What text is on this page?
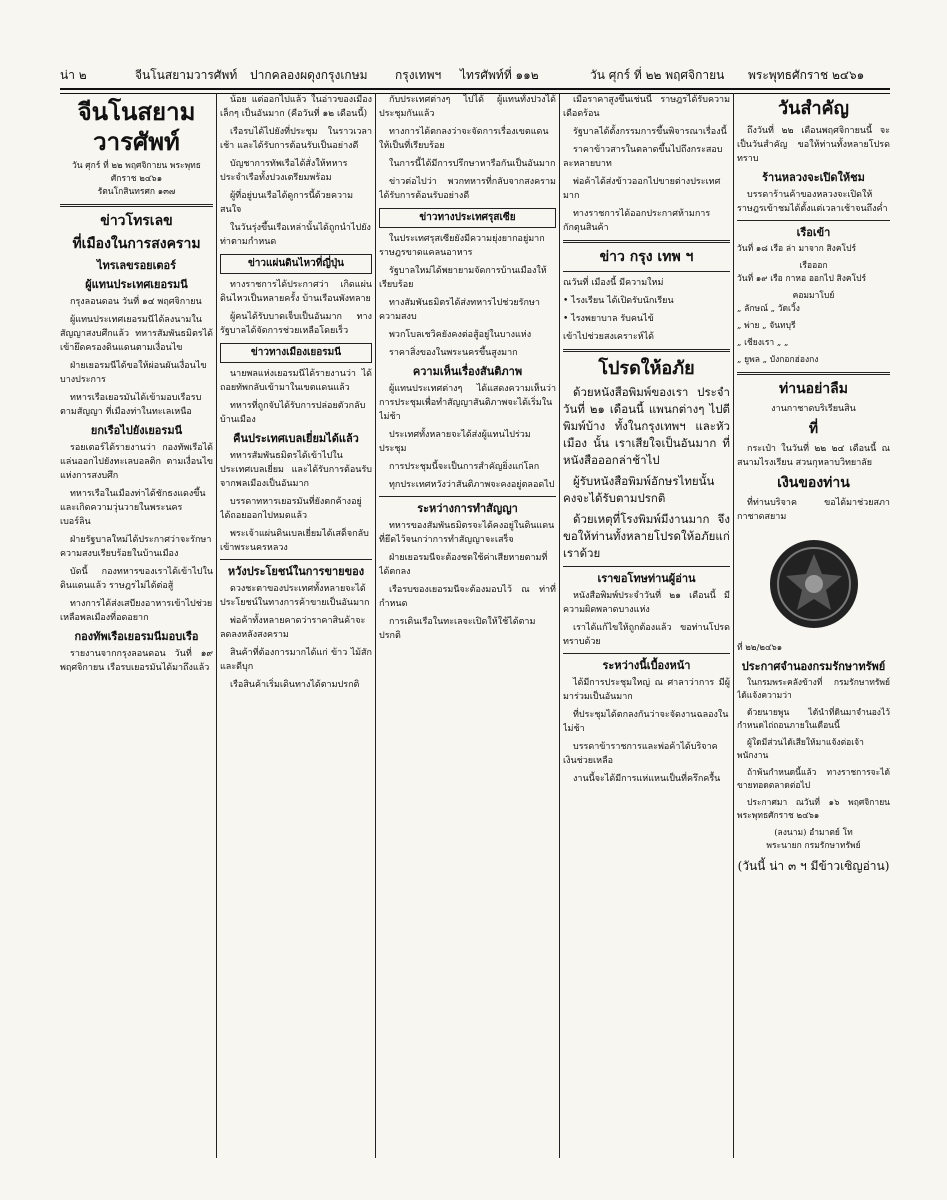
น่า ๒	จีนโนสยามวารศัพท์ ปากคลองผดุงกรุงเกษม กรุงเทพฯ ไทรศัพท์ที่ ๑๑๒	วัน ศุกร์ ที่ ๒๒ พฤศจิกายน พระพุทธศักราช ๒๔๖๑
จีนโนสยามวารศัพท์
วัน ศุกร์ ที่ ๒๒ พฤศจิกายน พระพุทธศักราช ๒๔๖๑
รัตนโกสินทรศก ๑๓๗
ข่าวโทรเลข
ที่เมืองในการสงคราม
ไทรเลขรอยเตอร์
ผู้แทนประเทศเยอรมนี

กรุงลอนดอน วันที่ ๑๔ พฤศจิกายน

ผู้แทนประเทศเยอรมนีได้ลงนามในสัญญาสงบศึกแล้ว ทหารสัมพันธมิตรได้เข้ายึดครองดินแดนตามเงื่อนไข

ฝ่ายเยอรมนีได้ขอให้ผ่อนผันเงื่อนไขบางประการ

ทหารเรือเยอรมันได้เข้ามอบเรือรบตามสัญญา ที่เมืองท่าในทะเลเหนือ

ยกเรือไปยังเยอรมนี

รอยเตอร์ได้รายงานว่า กองทัพเรือได้แล่นออกไปยังทะเลบอลติก ตามเงื่อนไขแห่งการสงบศึก

ทหารเรือในเมืองท่าได้ชักธงแดงขึ้น และเกิดความวุ่นวายในพระนครเบอร์ลิน

ฝ่ายรัฐบาลใหม่ได้ประกาศว่าจะรักษาความสงบเรียบร้อยในบ้านเมือง

บัดนี้ กองทหารของเราได้เข้าไปในดินแดนแล้ว ราษฎรไม่ได้ต่อสู้

ทางการได้ส่งเสบียงอาหารเข้าไปช่วยเหลือพลเมืองที่อดอยาก

กองทัพเรือเยอรมนีมอบเรือ

รายงานจากกรุงลอนดอน วันที่ ๑๙ พฤศจิกายน เรือรบเยอรมันได้มาถึงแล้ว

น้อย แต่ออกไปแล้ว ในอ่าวของเมืองเล็กๆ เป็นอันมาก (คือวันที่ ๑๒ เดือนนี้)

เรือรบได้ไปยังที่ประชุม ในราวเวลาเช้า และได้รับการต้อนรับเป็นอย่างดี

บัญชาการทัพเรือได้สั่งให้ทหารประจำเรือทั้งปวงเตรียมพร้อม

ผู้ที่อยู่บนเรือได้ดูการนี้ด้วยความสนใจ

ในวันรุ่งขึ้นเรือเหล่านั้นได้ถูกนำไปยังท่าตามกำหนด

ข่าวแผ่นดินไหวที่ญี่ปุ่น

ทางราชการได้ประกาศว่า เกิดแผ่นดินไหวเป็นหลายครั้ง บ้านเรือนพังทลาย

ผู้คนได้รับบาดเจ็บเป็นอันมาก ทางรัฐบาลได้จัดการช่วยเหลือโดยเร็ว

ข่าวทางเมืองเยอรมนี

นายพลแห่งเยอรมนีได้รายงานว่า ได้ถอยทัพกลับเข้ามาในเขตแดนแล้ว

ทหารที่ถูกจับได้รับการปล่อยตัวกลับบ้านเมือง

คืนประเทศเบลเยี่ยมได้แล้ว

ทหารสัมพันธมิตรได้เข้าไปในประเทศเบลเยี่ยม และได้รับการต้อนรับจากพลเมืองเป็นอันมาก

บรรดาทหารเยอรมันที่ยังตกค้างอยู่ได้ถอยออกไปหมดแล้ว

พระเจ้าแผ่นดินเบลเยี่ยมได้เสด็จกลับเข้าพระนครหลวง

หวังประโยชน์ในการขายของ

ดวงชะตาของประเทศทั้งหลายจะได้ประโยชน์ในทางการค้าขายเป็นอันมาก

พ่อค้าทั้งหลายคาดว่าราคาสินค้าจะลดลงหลังสงคราม

สินค้าที่ต้องการมากได้แก่ ข้าว ไม้สัก และดีบุก

เรือสินค้าเริ่มเดินทางได้ตามปรกติ

กับประเทศต่างๆ ไปได้ ผู้แทนทั้งปวงได้ประชุมกันแล้ว

ทางการได้ตกลงว่าจะจัดการเรื่องเขตแดนให้เป็นที่เรียบร้อย

ในการนี้ได้มีการปรึกษาหารือกันเป็นอันมาก

ข่าวต่อไปว่า พวกทหารที่กลับจากสงครามได้รับการต้อนรับอย่างดี

ข่าวทางประเทศรุสเซีย

ในประเทศรุสเซียยังมีความยุ่งยากอยู่มาก ราษฎรขาดแคลนอาหาร

รัฐบาลใหม่ได้พยายามจัดการบ้านเมืองให้เรียบร้อย

ทางสัมพันธมิตรได้ส่งทหารไปช่วยรักษาความสงบ

พวกโบลเชวิคยังคงต่อสู้อยู่ในบางแห่ง

ราคาสิ่งของในพระนครขึ้นสูงมาก

ความเห็นเรื่องสันติภาพ

ผู้แทนประเทศต่างๆ ได้แสดงความเห็นว่า การประชุมเพื่อทำสัญญาสันติภาพจะได้เริ่มในไม่ช้า

ประเทศทั้งหลายจะได้ส่งผู้แทนไปร่วมประชุม

การประชุมนี้จะเป็นการสำคัญยิ่งแก่โลก

ทุกประเทศหวังว่าสันติภาพจะคงอยู่ตลอดไป

ระหว่างการทำสัญญา

ทหารของสัมพันธมิตรจะได้คงอยู่ในดินแดนที่ยึดไว้จนกว่าการทำสัญญาจะเสร็จ

ฝ่ายเยอรมนีจะต้องชดใช้ค่าเสียหายตามที่ได้ตกลง

เรือรบของเยอรมนีจะต้องมอบไว้ ณ ท่าที่กำหนด

การเดินเรือในทะเลจะเปิดให้ใช้ได้ตามปรกติ

เมื่อราคาสูงขึ้นเช่นนี้ ราษฎรได้รับความเดือดร้อน

รัฐบาลได้ตั้งกรรมการขึ้นพิจารณาเรื่องนี้

ราคาข้าวสารในตลาดขึ้นไปถึงกระสอบละหลายบาท

พ่อค้าได้ส่งข้าวออกไปขายต่างประเทศมาก

ทางราชการได้ออกประกาศห้ามการกักตุนสินค้า

ข่าว กรุง เทพ ฯ
ณวันที่ เมืองนี้ มีความใหม่
• ไรงเรียน ได้เปิดรับนักเรียน
• ไรงพยาบาล รับคนไข้
เข้าไปช่วยสงเคราะห์ได้
โปรดให้อภัย

ด้วยหนังสือพิมพ์ของเรา ประจำวันที่ ๒๑ เดือนนี้ แพนกต่างๆ ไปตีพิมพ์บ้าง ทั้งในกรุงเทพฯ และหัวเมือง นั้น เราเสียใจเป็นอันมาก ที่หนังสือออกล่าช้าไป

ผู้รับหนังสือพิมพ์อักษรไทยนั้นคงจะได้รับตามปรกติ

ด้วยเหตุที่โรงพิมพ์มีงานมาก จึงขอให้ท่านทั้งหลายโปรดให้อภัยแก่เราด้วย

เราขอโทษท่านผู้อ่าน

หนังสือพิมพ์ประจำวันที่ ๒๑ เดือนนี้ มีความผิดพลาดบางแห่ง

เราได้แก้ไขให้ถูกต้องแล้ว ขอท่านโปรดทราบด้วย

ระหว่างนี้เบื้องหน้า

ได้มีการประชุมใหญ่ ณ ศาลาว่าการ มีผู้มาร่วมเป็นอันมาก

ที่ประชุมได้ตกลงกันว่าจะจัดงานฉลองในไม่ช้า

บรรดาข้าราชการและพ่อค้าได้บริจาคเงินช่วยเหลือ

งานนี้จะได้มีการแห่แหนเป็นที่ครึกครื้น

วันสำคัญ

ถึงวันที่ ๒๒ เดือนพฤศจิกายนนี้ จะเป็นวันสำคัญ ขอให้ท่านทั้งหลายโปรดทราบ

ร้านหลวงจะเปิดให้ชม

บรรดาร้านค้าของหลวงจะเปิดให้ราษฎรเข้าชมได้ตั้งแต่เวลาเช้าจนถึงค่ำ

เรือเข้า
วันที่ ๑๘ เรือ ล่า มาจาก สิงคโปร์
เรือออก
วันที่ ๑๙ เรือ กาหอ ออกไป สิงคโปร์
คอมมาโบย์
„ ลักษณ์ „ วัดเวิ้ง
„ พ่าย „ จันทบุรี
„ เชียงเรา „ „
„ ยูพล „ บังกอกฮ่องกง
ท่านอย่าลืม
งานกาชาดบริเรียนสิน
ที่

กระเป๋า ในวันที่ ๒๒ ๒๔ เดือนนี้ ณ สนามไรงเรียน สวนกุหลาบวิทยาลัย

เงินของท่าน

ที่ท่านบริจาค ขอได้มาช่วยสภากาชาดสยาม

ที่ ๒๒/๒๔๖๑
ประกาศจำนองกรมรักษาทรัพย์

ในกรมพระคลังข้างที่ กรมรักษาทรัพย์ ได้แจ้งความว่า

ด้วยนายพูน ได้นำที่ดินมาจำนองไว้ กำหนดไถ่ถอนภายในเดือนนี้

ผู้ใดมีส่วนได้เสียให้มาแจ้งต่อเจ้าพนักงาน

ถ้าพ้นกำหนดนี้แล้ว ทางราชการจะได้ขายทอดตลาดต่อไป

ประกาศมา ณวันที่ ๑๖ พฤศจิกายน พระพุทธศักราช ๒๔๖๑

(ลงนาม) อำมาตย์ โท
พระนายก กรมรักษาทรัพย์
(วันนี้ น่า ๓ ฯ มีข้าวเซิญอ่าน)
